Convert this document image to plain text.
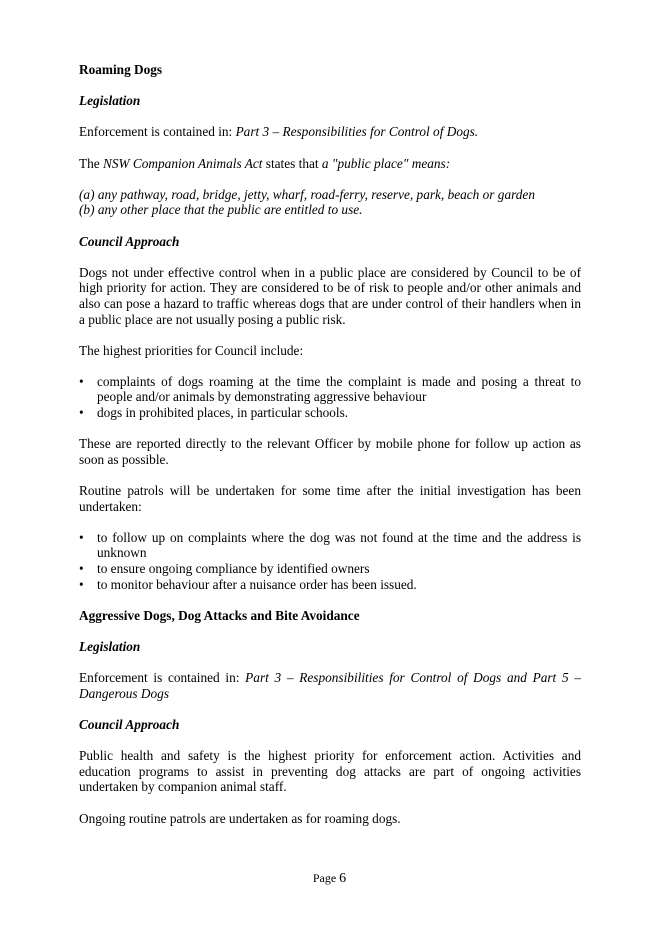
Roaming Dogs

Legislation

Enforcement is contained in: Part 3 – Responsibilities for Control of Dogs.

The NSW Companion Animals Act states that a "public place" means:

(a) any pathway, road, bridge, jetty, wharf, road-ferry, reserve, park, beach or garden

(b) any other place that the public are entitled to use.

Council Approach

Dogs not under effective control when in a public place are considered by Council to be of high priority for action. They are considered to be of risk to people and/or other animals and also can pose a hazard to traffic whereas dogs that are under control of their handlers when in a public place are not usually posing a public risk.

The highest priorities for Council include:

• complaints of dogs roaming at the time the complaint is made and posing a threat to people and/or animals by demonstrating aggressive behaviour
• dogs in prohibited places, in particular schools.

These are reported directly to the relevant Officer by mobile phone for follow up action as soon as possible.

Routine patrols will be undertaken for some time after the initial investigation has been undertaken:

• to follow up on complaints where the dog was not found at the time and the address is unknown
• to ensure ongoing compliance by identified owners
• to monitor behaviour after a nuisance order has been issued.

Aggressive Dogs, Dog Attacks and Bite Avoidance

Legislation

Enforcement is contained in: Part 3 – Responsibilities for Control of Dogs and Part 5 – Dangerous Dogs

Council Approach

Public health and safety is the highest priority for enforcement action. Activities and education programs to assist in preventing dog attacks are part of ongoing activities undertaken by companion animal staff.

Ongoing routine patrols are undertaken as for roaming dogs.

Page 6
